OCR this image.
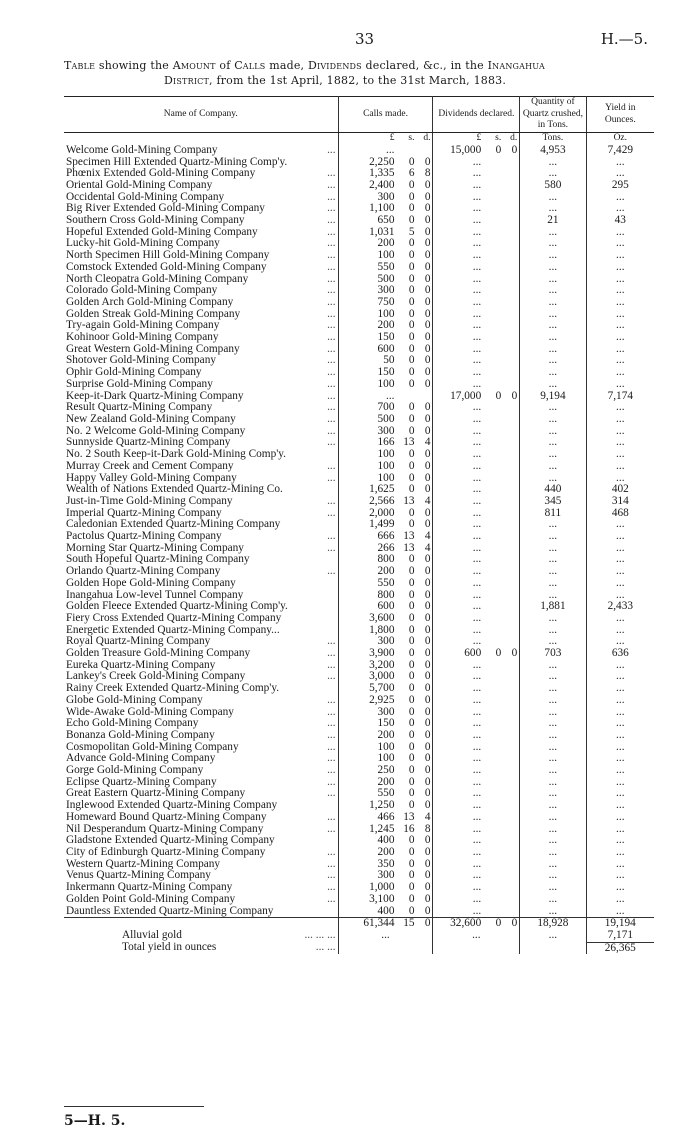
33	H.—5.
Table showing the Amount of Calls made, Dividends declared, &c., in the Inangahua
District, from the 1st April, 1882, to the 31st March, 1883.
Name of Company.	Calls made.	Dividends declared.	Quantity of Quartz crushed, in Tons.	Yield in Ounces.

	£ s. d.	£ s. d.	Tons.	Oz.

Welcome Gold-Mining Company ...	...	15,000 0 0	4,953	7,429

Specimen Hill Extended Quartz-Mining Comp'y.	2,250 0 0	...	...	...

Phœnix Extended Gold-Mining Company ...	1,335 6 8	...	...	...

Oriental Gold-Mining Company ...	2,400 0 0	...	580	295

Occidental Gold-Mining Company ...	300 0 0	...	...	...

Big River Extended Gold-Mining Company ...	1,100 0 0	...	...	...

Southern Cross Gold-Mining Company ...	650 0 0	...	21	43

Hopeful Extended Gold-Mining Company ...	1,031 5 0	...	...	...

Lucky-hit Gold-Mining Company ...	200 0 0	...	...	...

North Specimen Hill Gold-Mining Company ...	100 0 0	...	...	...

Comstock Extended Gold-Mining Company ...	550 0 0	...	...	...

North Cleopatra Gold-Mining Company ...	500 0 0	...	...	...

Colorado Gold-Mining Company ...	300 0 0	...	...	...

Golden Arch Gold-Mining Company ...	750 0 0	...	...	...

Golden Streak Gold-Mining Company ...	100 0 0	...	...	...

Try-again Gold-Mining Company ...	200 0 0	...	...	...

Kohinoor Gold-Mining Company ...	150 0 0	...	...	...

Great Western Gold-Mining Company ...	600 0 0	...	...	...

Shotover Gold-Mining Company ...	50 0 0	...	...	...

Ophir Gold-Mining Company ...	150 0 0	...	...	...

Surprise Gold-Mining Company ...	100 0 0	...	...	...

Keep-it-Dark Quartz-Mining Company ...	...	17,000 0 0	9,194	7,174

Result Quartz-Mining Company ...	700 0 0	...	...	...

New Zealand Gold-Mining Company ...	500 0 0	...	...	...

No. 2 Welcome Gold-Mining Company ...	300 0 0	...	...	...

Sunnyside Quartz-Mining Company ...	166 13 4	...	...	...

No. 2 South Keep-it-Dark Gold-Mining Comp'y.	100 0 0	...	...	...

Murray Creek and Cement Company ...	100 0 0	...	...	...

Happy Valley Gold-Mining Company ...	100 0 0	...	...	...

Wealth of Nations Extended Quartz-Mining Co.	1,625 0 0	...	440	402

Just-in-Time Gold-Mining Company ...	2,566 13 4	...	345	314

Imperial Quartz-Mining Company ...	2,000 0 0	...	811	468

Caledonian Extended Quartz-Mining Company	1,499 0 0	...	...	...

Pactolus Quartz-Mining Company ...	666 13 4	...	...	...

Morning Star Quartz-Mining Company ...	266 13 4	...	...	...

South Hopeful Quartz-Mining Company	800 0 0	...	...	...

Orlando Quartz-Mining Company ...	200 0 0	...	...	...

Golden Hope Gold-Mining Company	550 0 0	...	...	...

Inangahua Low-level Tunnel Company	800 0 0	...	...	...

Golden Fleece Extended Quartz-Mining Comp'y.	600 0 0	...	1,881	2,433

Fiery Cross Extended Quartz-Mining Company	3,600 0 0	...	...	...

Energetic Extended Quartz-Mining Company...	1,800 0 0	...	...	...

Royal Quartz-Mining Company ...	300 0 0	...	...	...

Golden Treasure Gold-Mining Company ...	3,900 0 0	600 0 0	703	636

Eureka Quartz-Mining Company ...	3,200 0 0	...	...	...

Lankey's Creek Gold-Mining Company ...	3,000 0 0	...	...	...

Rainy Creek Extended Quartz-Mining Comp'y.	5,700 0 0	...	...	...

Globe Gold-Mining Company ...	2,925 0 0	...	...	...

Wide-Awake Gold-Mining Company ...	300 0 0	...	...	...

Echo Gold-Mining Company ...	150 0 0	...	...	...

Bonanza Gold-Mining Company ...	200 0 0	...	...	...

Cosmopolitan Gold-Mining Company ...	100 0 0	...	...	...

Advance Gold-Mining Company ...	100 0 0	...	...	...

Gorge Gold-Mining Company ...	250 0 0	...	...	...

Eclipse Quartz-Mining Company ...	200 0 0	...	...	...

Great Eastern Quartz-Mining Company ...	550 0 0	...	...	...

Inglewood Extended Quartz-Mining Company	1,250 0 0	...	...	...

Homeward Bound Quartz-Mining Company ...	466 13 4	...	...	...

Nil Desperandum Quartz-Mining Company ...	1,245 16 8	...	...	...

Gladstone Extended Quartz-Mining Company	400 0 0	...	...	...

City of Edinburgh Quartz-Mining Company ...	200 0 0	...	...	...

Western Quartz-Mining Company ...	350 0 0	...	...	...

Venus Quartz-Mining Company ...	300 0 0	...	...	...

Inkermann Quartz-Mining Company ...	1,000 0 0	...	...	...

Golden Point Gold-Mining Company ...	3,100 0 0	...	...	...

Dauntless Extended Quartz-Mining Company	400 0 0	...	...	...

	61,344 15 0	32,600 0 0	18,928	19,194

Alluvial gold ... ... ...	...	...	...	7,171

Total yield in ounces ... ...				26,365
5—H. 5.
